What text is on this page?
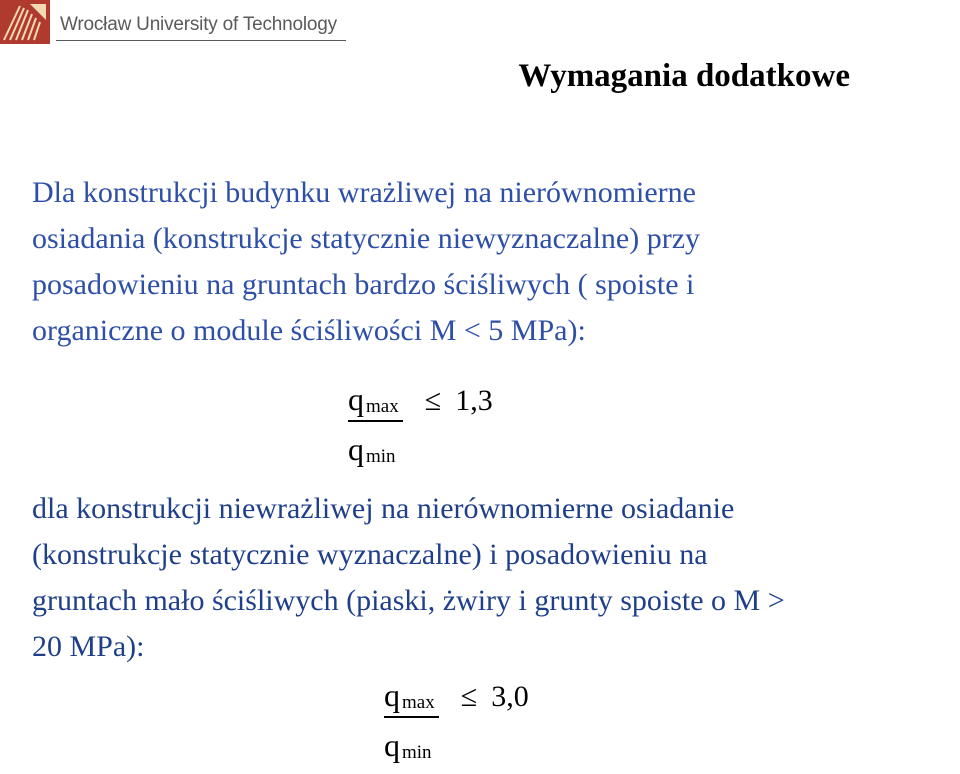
Wrocław University of Technology
Wymagania dodatkowe
Dla konstrukcji budynku wrażliwej na nierównomierne
osiadania (konstrukcje statycznie niewyznaczalne) przy
posadowieniu na gruntach bardzo ściśliwych ( spoiste i
organiczne o module ściśliwości M < 5 MPa):
$\frac{\text{q max}}{\text{q min}} \le 1,3$
dla konstrukcji niewrażliwej na nierównomierne osiadanie
(konstrukcje statycznie wyznaczalne) i posadowieniu na
gruntach mało ściśliwych (piaski, żwiry i grunty spoiste o M >
20 MPa):
$\frac{\text{q max}}{\text{q min}} \le 3,0$
